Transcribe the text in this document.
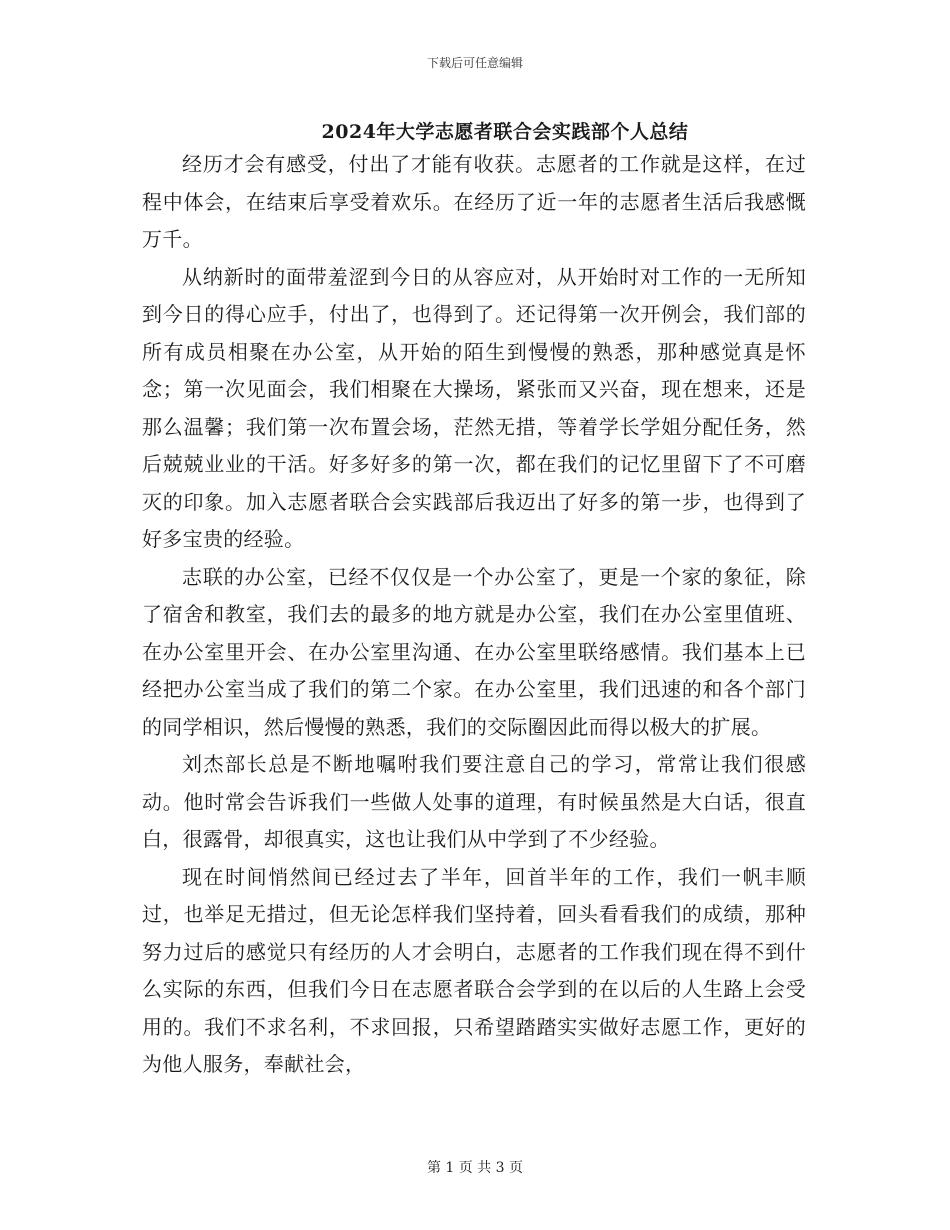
下载后可任意编辑
2024年大学志愿者联合会实践部个人总结

经历才会有感受，付出了才能有收获。志愿者的工作就是这样，在过程中体会，在结束后享受着欢乐。在经历了近一年的志愿者生活后我感慨万千。

从纳新时的面带羞涩到今日的从容应对，从开始时对工作的一无所知到今日的得心应手，付出了，也得到了。还记得第一次开例会，我们部的所有成员相聚在办公室，从开始的陌生到慢慢的熟悉，那种感觉真是怀念；第一次见面会，我们相聚在大操场，紧张而又兴奋，现在想来，还是那么温馨；我们第一次布置会场，茫然无措，等着学长学姐分配任务，然后兢兢业业的干活。好多好多的第一次，都在我们的记忆里留下了不可磨灭的印象。加入志愿者联合会实践部后我迈出了好多的第一步，也得到了好多宝贵的经验。

志联的办公室，已经不仅仅是一个办公室了，更是一个家的象征，除了宿舍和教室，我们去的最多的地方就是办公室，我们在办公室里值班、在办公室里开会、在办公室里沟通、在办公室里联络感情。我们基本上已经把办公室当成了我们的第二个家。在办公室里，我们迅速的和各个部门的同学相识，然后慢慢的熟悉，我们的交际圈因此而得以极大的扩展。

刘杰部长总是不断地嘱咐我们要注意自己的学习，常常让我们很感动。他时常会告诉我们一些做人处事的道理，有时候虽然是大白话，很直白，很露骨，却很真实，这也让我们从中学到了不少经验。

现在时间悄然间已经过去了半年，回首半年的工作，我们一帆丰顺过，也举足无措过，但无论怎样我们坚持着，回头看看我们的成绩，那种努力过后的感觉只有经历的人才会明白，志愿者的工作我们现在得不到什么实际的东西，但我们今日在志愿者联合会学到的在以后的人生路上会受用的。我们不求名利，不求回报，只希望踏踏实实做好志愿工作，更好的为他人服务，奉献社会，

第 1 页 共 3 页
